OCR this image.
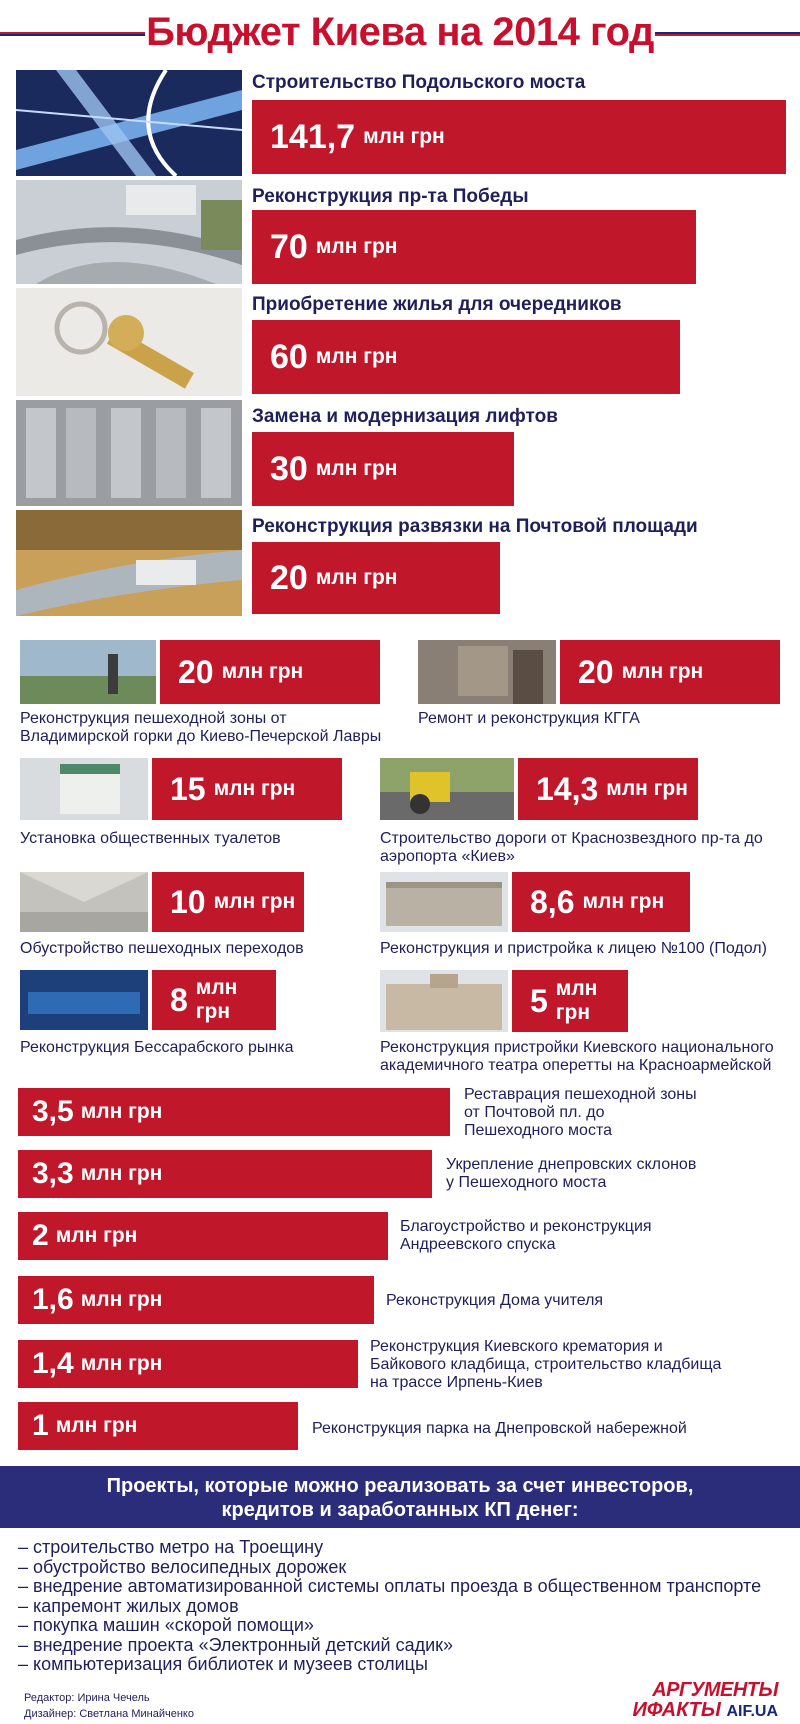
Бюджет Киева на 2014 год
Строительство Подольского моста
141,7 млн грн
Реконструкция пр-та Победы
70 млн грн
Приобретение жилья для очередников
60 млн грн
Замена и модернизация лифтов
30 млн грн
Реконструкция развязки на Почтовой площади
20 млн грн
20 млн грн
Реконструкция пешеходной зоны от
Владимирской горки до Киево-Печерской Лавры
20 млн грн
Ремонт и реконструкция КГГА
15 млн грн
Установка общественных туалетов
14,3 млн грн
Строительство дороги от Краснозвездного пр-та до
аэропорта «Киев»
10 млн грн
Обустройство пешеходных переходов
8,6 млн грн
Реконструкция и пристройка к лицею №100 (Подол)
8 млн грн
Реконструкция Бессарабского рынка
5 млн грн
Реконструкция пристройки Киевского национального
академичного театра оперетты на Красноармейской
3,5 млн грн
Реставрация пешеходной зоны
от Почтовой пл. до
Пешеходного моста
3,3 млн грн	Укрепление днепровских склонов
у Пешеходного моста
2 млн грн	Благоустройство и реконструкция
Андреевского спуска
1,6 млн грн	Реконструкция Дома учителя
1,4 млн грн
Реконструкция Киевского крематория и
Байкового кладбища, строительство кладбища
на трассе Ирпень-Киев
1 млн грн	Реконструкция парка на Днепровской набережной
Проекты, которые можно реализовать за счет инвесторов,
кредитов и заработанных КП денег:
– строительство метро на Троещину
– обустройство велосипедных дорожек
– внедрение автоматизированной системы оплаты проезда в общественном транспорте
– капремонт жилых домов
– покупка машин «скорой помощи»
– внедрение проекта «Электронный детский садик»
– компьютеризация библиотек и музеев столицы
Редактор: Ирина Чечель
Дизайнер: Светлана Минайченко
АРГУМЕНТЫ
ИФАКТЫ AIF.UA
